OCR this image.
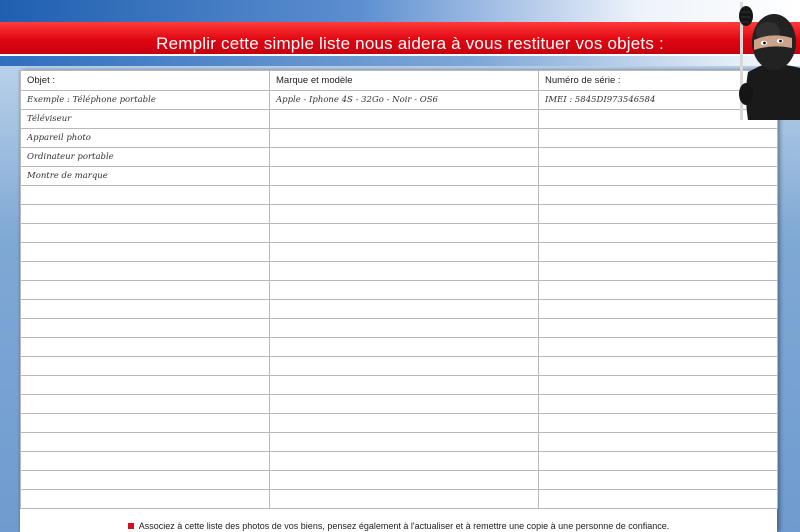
Remplir cette simple liste nous aidera à vous restituer vos objets :
Objet :	Marque et modèle	Numéro de série :
Exemple : Téléphone portable	Apple - Iphone 4S - 32Go - Noir - OS6	IMEI : 5845DI973546584
Téléviseur		
Appareil photo		
Ordinateur portable		
Montre de marque		

Associez à cette liste des photos de vos biens, pensez également à l'actualiser et à remettre une copie à une personne de confiance.
